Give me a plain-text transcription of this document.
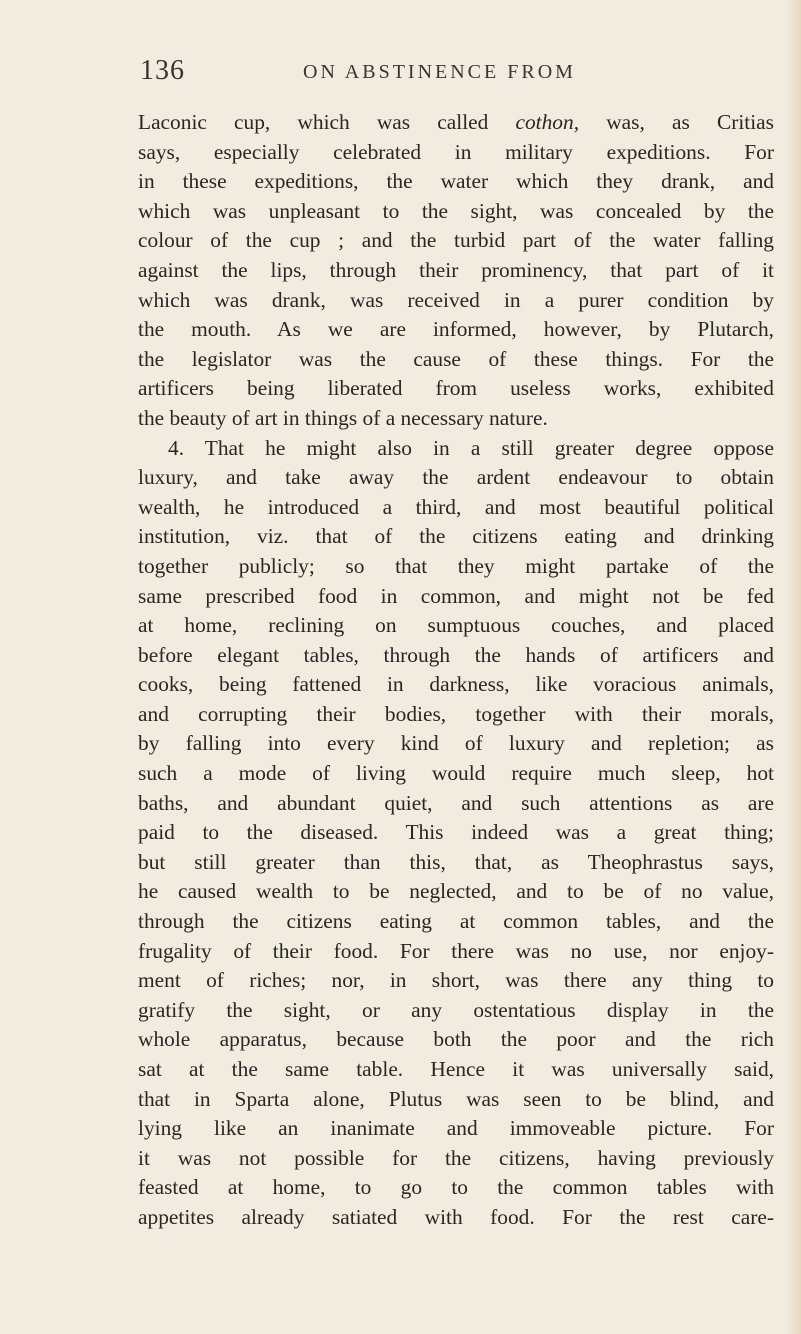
136	ON ABSTINENCE FROM
Laconic cup, which was called cothon, was, as Critias
says, especially celebrated in military expeditions. For
in these expeditions, the water which they drank, and
which was unpleasant to the sight, was concealed by the
colour of the cup ; and the turbid part of the water falling
against the lips, through their prominency, that part of it
which was drank, was received in a purer condition by
the mouth. As we are informed, however, by Plutarch,
the legislator was the cause of these things. For the
artificers being liberated from useless works, exhibited
the beauty of art in things of a necessary nature.
4. That he might also in a still greater degree oppose
luxury, and take away the ardent endeavour to obtain
wealth, he introduced a third, and most beautiful political
institution, viz. that of the citizens eating and drinking
together publicly; so that they might partake of the
same prescribed food in common, and might not be fed
at home, reclining on sumptuous couches, and placed
before elegant tables, through the hands of artificers and
cooks, being fattened in darkness, like voracious animals,
and corrupting their bodies, together with their morals,
by falling into every kind of luxury and repletion; as
such a mode of living would require much sleep, hot
baths, and abundant quiet, and such attentions as are
paid to the diseased. This indeed was a great thing;
but still greater than this, that, as Theophrastus says,
he caused wealth to be neglected, and to be of no value,
through the citizens eating at common tables, and the
frugality of their food. For there was no use, nor enjoy-
ment of riches; nor, in short, was there any thing to
gratify the sight, or any ostentatious display in the
whole apparatus, because both the poor and the rich
sat at the same table. Hence it was universally said,
that in Sparta alone, Plutus was seen to be blind, and
lying like an inanimate and immoveable picture. For
it was not possible for the citizens, having previously
feasted at home, to go to the common tables with
appetites already satiated with food. For the rest care-
